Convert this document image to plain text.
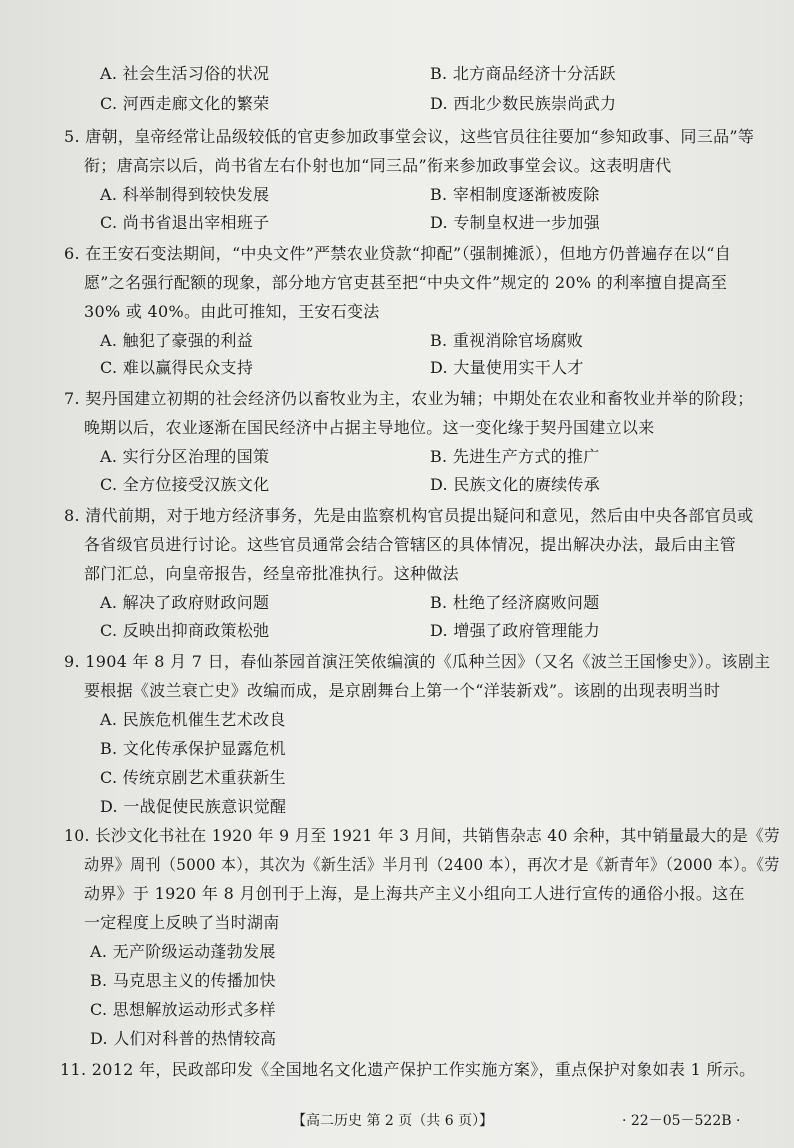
A. 社会生活习俗的状况	B. 北方商品经济十分活跃
C. 河西走廊文化的繁荣	D. 西北少数民族崇尚武力
5. 唐朝，皇帝经常让品级较低的官吏参加政事堂会议，这些官员往往要加“参知政事、同三品”等
衔；唐高宗以后，尚书省左右仆射也加“同三品”衔来参加政事堂会议。这表明唐代
A. 科举制得到较快发展	B. 宰相制度逐渐被废除
C. 尚书省退出宰相班子	D. 专制皇权进一步加强
6. 在王安石变法期间，“中央文件”严禁农业贷款“抑配”（强制摊派），但地方仍普遍存在以“自
愿”之名强行配额的现象，部分地方官吏甚至把“中央文件”规定的 20% 的利率擅自提高至
30% 或 40%。由此可推知，王安石变法
A. 触犯了豪强的利益	B. 重视消除官场腐败
C. 难以赢得民众支持	D. 大量使用实干人才
7. 契丹国建立初期的社会经济仍以畜牧业为主，农业为辅；中期处在农业和畜牧业并举的阶段；
晚期以后，农业逐渐在国民经济中占据主导地位。这一变化缘于契丹国建立以来
A. 实行分区治理的国策	B. 先进生产方式的推广
C. 全方位接受汉族文化	D. 民族文化的赓续传承
8. 清代前期，对于地方经济事务，先是由监察机构官员提出疑问和意见，然后由中央各部官员或
各省级官员进行讨论。这些官员通常会结合管辖区的具体情况，提出解决办法，最后由主管
部门汇总，向皇帝报告，经皇帝批准执行。这种做法
A. 解决了政府财政问题	B. 杜绝了经济腐败问题
C. 反映出抑商政策松弛	D. 增强了政府管理能力
9. 1904 年 8 月 7 日，春仙茶园首演汪笑侬编演的《瓜种兰因》（又名《波兰王国惨史》）。该剧主
要根据《波兰衰亡史》改编而成，是京剧舞台上第一个“洋装新戏”。该剧的出现表明当时
A. 民族危机催生艺术改良
B. 文化传承保护显露危机
C. 传统京剧艺术重获新生
D. 一战促使民族意识觉醒
10. 长沙文化书社在 1920 年 9 月至 1921 年 3 月间，共销售杂志 40 余种，其中销量最大的是《劳
动界》周刊（5000 本），其次为《新生活》半月刊（2400 本），再次才是《新青年》（2000 本）。《劳
动界》于 1920 年 8 月创刊于上海，是上海共产主义小组向工人进行宣传的通俗小报。这在
一定程度上反映了当时湖南
A. 无产阶级运动蓬勃发展
B. 马克思主义的传播加快
C. 思想解放运动形式多样
D. 人们对科普的热情较高
11. 2012 年，民政部印发《全国地名文化遗产保护工作实施方案》，重点保护对象如表 1 所示。
【高二历史 第 2 页（共 6 页）】	· 22－05－522B ·
